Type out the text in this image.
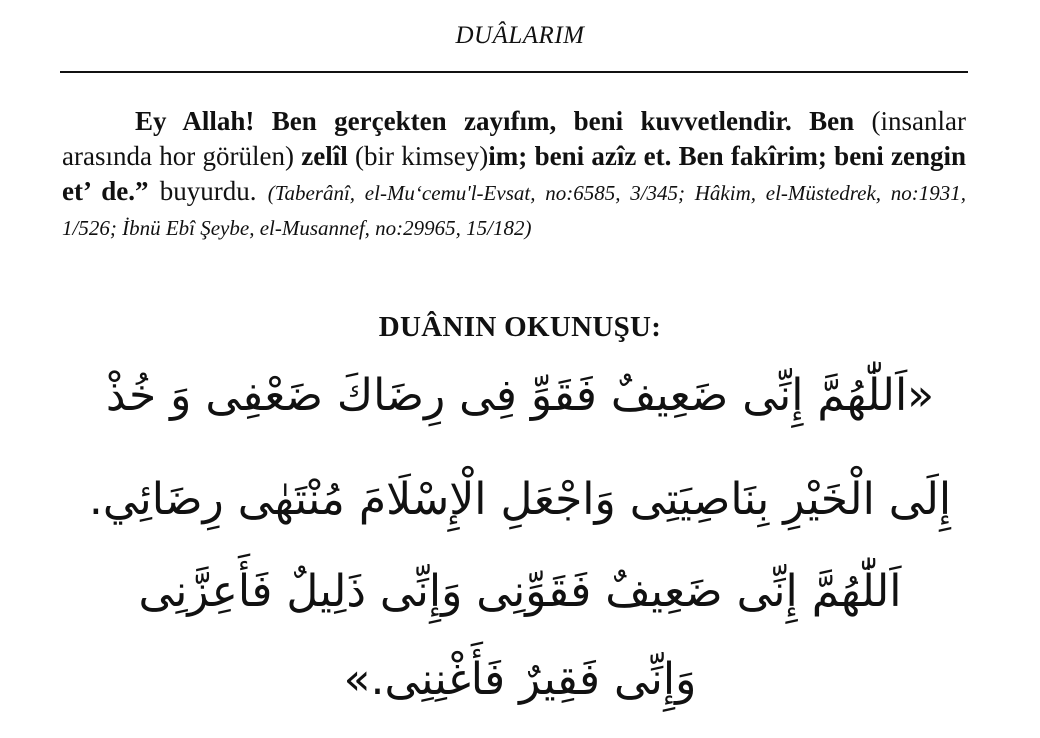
DUÂLARIM
Ey Allah! Ben gerçekten zayıfım, beni kuvvetlendir. Ben (insanlar arasında hor görülen) zelîl (bir kimsey)im; beni azîz et. Ben fakîrim; beni zengin et’ de.” buyurdu. (Taberânî, el-Mu‘cemu'l-Evsat, no:6585, 3/345; Hâkim, el-Müstedrek, no:1931, 1/526; İbnü Ebî Şeybe, el-Musannef, no:29965, 15/182)
DUÂNIN OKUNUŞU:
«اَللّٰهُمَّ إِنِّى ضَعِيفٌ فَقَوِّ فِى رِضَاكَ ضَعْفِى وَ خُذْ
إِلَى الْخَيْرِ بِنَاصِيَتِى وَاجْعَلِ الْإِسْلَامَ مُنْتَهٰى رِضَائِي.
اَللّٰهُمَّ إِنِّى ضَعِيفٌ فَقَوِّنِى وَإِنِّى ذَلِيلٌ فَأَعِزَّنِى
وَإِنِّى فَقِيرٌ فَأَغْنِنِى.»
